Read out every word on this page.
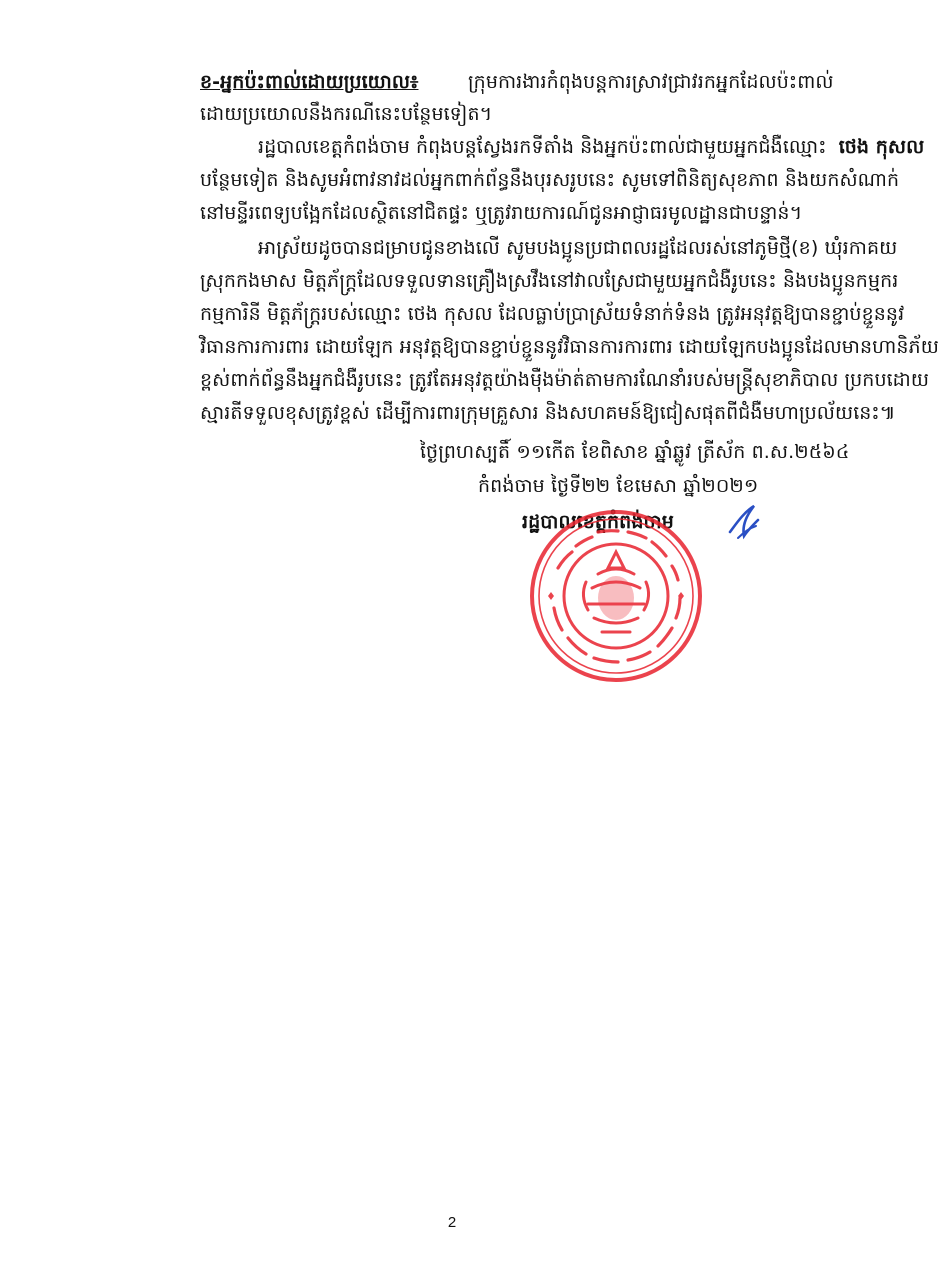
ខ-អ្នកប៉ះពាល់ដោយប្រយោល៖	ក្រុមការងារកំពុងបន្តការស្រាវជ្រាវរកអ្នកដែលប៉ះពាល់
ដោយប្រយោលនឹងករណីនេះបន្ថែមទៀត។
រដ្ឋបាលខេត្តកំពង់ចាម កំពុងបន្តស្វែងរកទីតាំង និងអ្នកប៉ះពាល់ជាមួយអ្នកជំងឺឈ្មោះ ថេង កុសល
បន្ថែមទៀត និងសូមអំពាវនាវដល់អ្នកពាក់ព័ន្ធនឹងបុរសរូបនេះ សូមទៅពិនិត្យសុខភាព និងយកសំណាក់
នៅមន្ទីរពេទ្យបង្អែកដែលស្ថិតនៅជិតផ្ទះ ឬត្រូវរាយការណ៍ជូនអាជ្ញាធរមូលដ្ឋានជាបន្ទាន់។
អាស្រ័យដូចបានជម្រាបជូនខាងលើ សូមបងប្អូនប្រជាពលរដ្ឋដែលរស់នៅភូមិថ្មី(ខ) ឃុំរកាគយ
ស្រុកកងមាស មិត្តភ័ក្រ្តដែលទទួលទានគ្រឿងស្រវឹងនៅវាលស្រែជាមួយអ្នកជំងឺរូបនេះ និងបងប្អូនកម្មករ
កម្មការិនី មិត្តភ័ក្រ្តរបស់ឈ្មោះ ថេង កុសល ដែលធ្លាប់ប្រាស្រ័យទំនាក់ទំនង ត្រូវអនុវត្តឱ្យបានខ្ជាប់ខ្ជួននូវ
វិធានការការពារ ដោយឡែក អនុវត្តឱ្យបានខ្ជាប់ខ្ជួននូវវិធានការការពារ ដោយឡែកបងប្អូនដែលមានហានិភ័យ
ខ្ពស់ពាក់ព័ន្ធនឹងអ្នកជំងឺរូបនេះ ត្រូវតែអនុវត្តយ៉ាងម៉ឺងម៉ាត់តាមការណែនាំរបស់មន្ត្រីសុខាភិបាល ប្រកបដោយ
ស្មារតីទទួលខុសត្រូវខ្ពស់ ដើម្បីការពារក្រុមគ្រួសារ និងសហគមន៍ឱ្យជៀសផុតពីជំងឺមហាប្រល័យនេះ៕
ថ្ងៃព្រហស្បតិ៍ ១១កើត ខែពិសាខ ឆ្នាំឆ្លូវ ត្រីស័ក ព.ស.២៥៦៤
កំពង់ចាម ថ្ងៃទី២២ ខែមេសា ឆ្នាំ២០២១
រដ្ឋបាលខេត្តកំពង់ចាម
2
